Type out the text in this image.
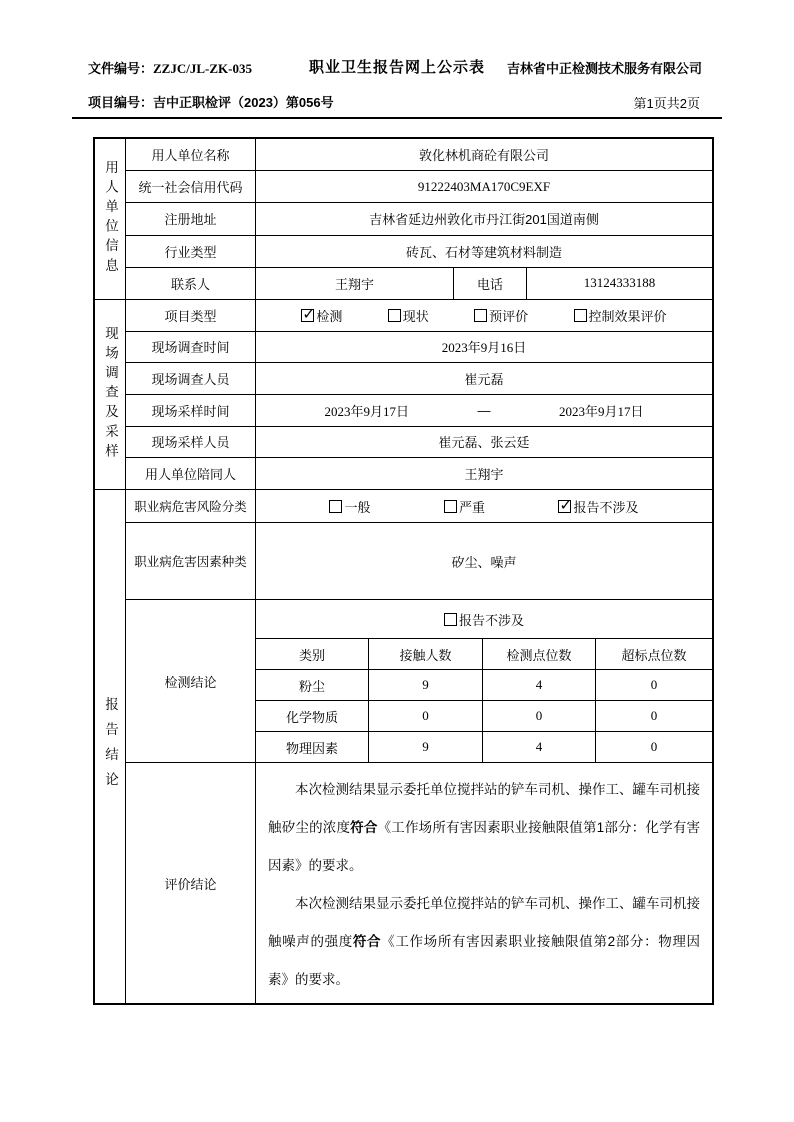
文件编号：ZZJC/JL-ZK-035	职业卫生报告网上公示表 吉林省中正检测技术服务有限公司
项目编号：吉中正职检评（2023）第056号	第1页共2页
用人单位信息
用人单位名称	敦化林机商砼有限公司
统一社会信用代码	91222403MA170C9EXF
注册地址	吉林省延边州敦化市丹江街201国道南侧
行业类型	砖瓦、石材等建筑材料制造
联系人	王翔宇	电话	13124333188
现场调查及采样
项目类型 ✓	检测	现状	预评价	控制效果评价
现场调查时间	2023年9月16日
现场调查人员	崔元磊
现场采样时间	2023年9月17日	—	2023年9月17日
现场采样人员	崔元磊、张云廷
用人单位陪同人	王翔宇
报告结论
职业病危害风险分类	一般	严重 ✓	报告不涉及
职业病危害因素种类	矽尘、噪声
检测结论
报告不涉及
类别	接触人数	检测点位数	超标点位数
粉尘	9	4	0
化学物质	0	0	0
物理因素	9	4	0
评价结论

本次检测结果显示委托单位搅拌站的铲车司机、操作工、罐车司机接触矽尘的浓度符合《工作场所有害因素职业接触限值第1部分：化学有害因素》的要求。

本次检测结果显示委托单位搅拌站的铲车司机、操作工、罐车司机接触噪声的强度符合《工作场所有害因素职业接触限值第2部分：物理因素》的要求。
